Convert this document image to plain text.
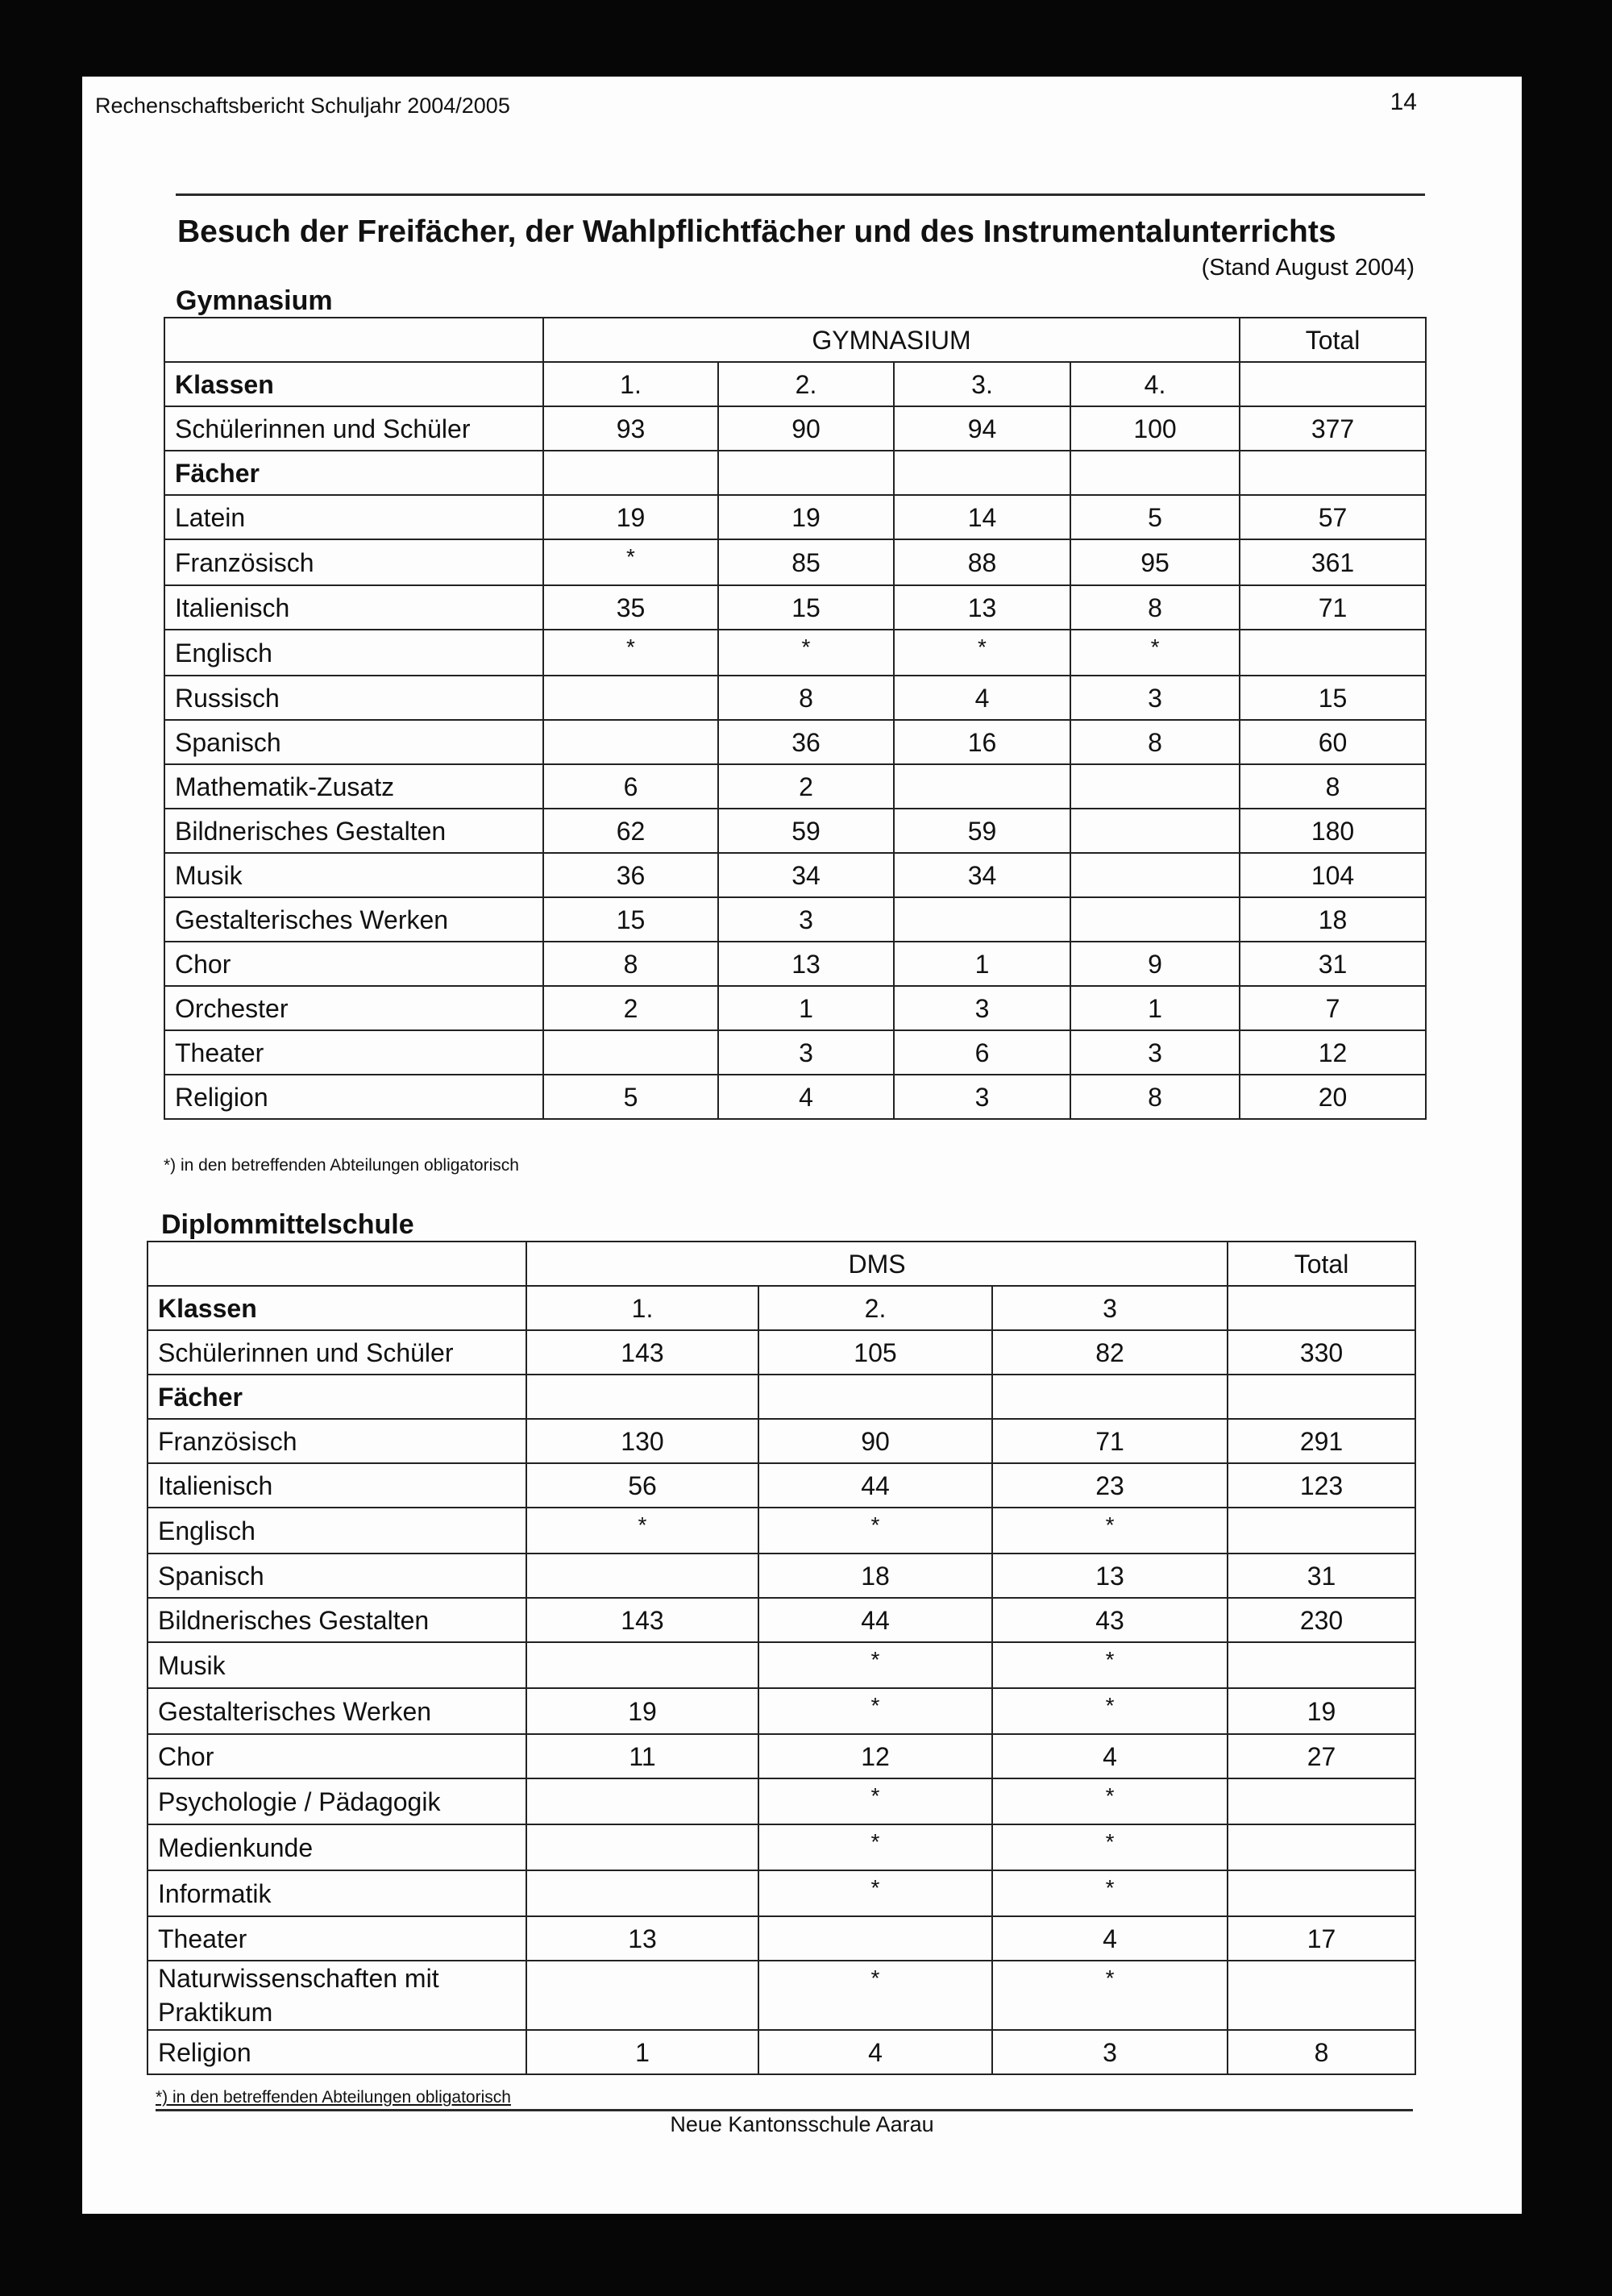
Rechenschaftsbericht Schuljahr 2004/2005	14
Besuch der Freifächer, der Wahlpflichtfächer und des Instrumentalunterrichts
(Stand August 2004)
Gymnasium
	GYMNASIUM				Total
Klassen	1.	2.	3.	4.	
Schülerinnen und Schüler	93	90	94	100	377
Fächer					
Latein	19	19	14	5	57
Französisch	*	85	88	95	361
Italienisch	35	15	13	8	71
Englisch	*	*	*	*	
Russisch		8	4	3	15
Spanisch		36	16	8	60
Mathematik-Zusatz	6	2			8
Bildnerisches Gestalten	62	59	59		180
Musik	36	34	34		104
Gestalterisches Werken	15	3			18
Chor	8	13	1	9	31
Orchester	2	1	3	1	7
Theater		3	6	3	12
Religion	5	4	3	8	20
*) in den betreffenden Abteilungen obligatorisch
Diplommittelschule
	DMS			Total
Klassen	1.	2.	3	
Schülerinnen und Schüler	143	105	82	330
Fächer				
Französisch	130	90	71	291
Italienisch	56	44	23	123
Englisch	*	*	*	
Spanisch		18	13	31
Bildnerisches Gestalten	143	44	43	230
Musik		*	*	
Gestalterisches Werken	19	*	*	19
Chor	11	12	4	27
Psychologie / Pädagogik		*	*	
Medienkunde		*	*	
Informatik		*	*	
Theater	13		4	17
Naturwissenschaften mit Praktikum		*	*	
Religion	1	4	3	8
*) in den betreffenden Abteilungen obligatorisch
Neue Kantonsschule Aarau
